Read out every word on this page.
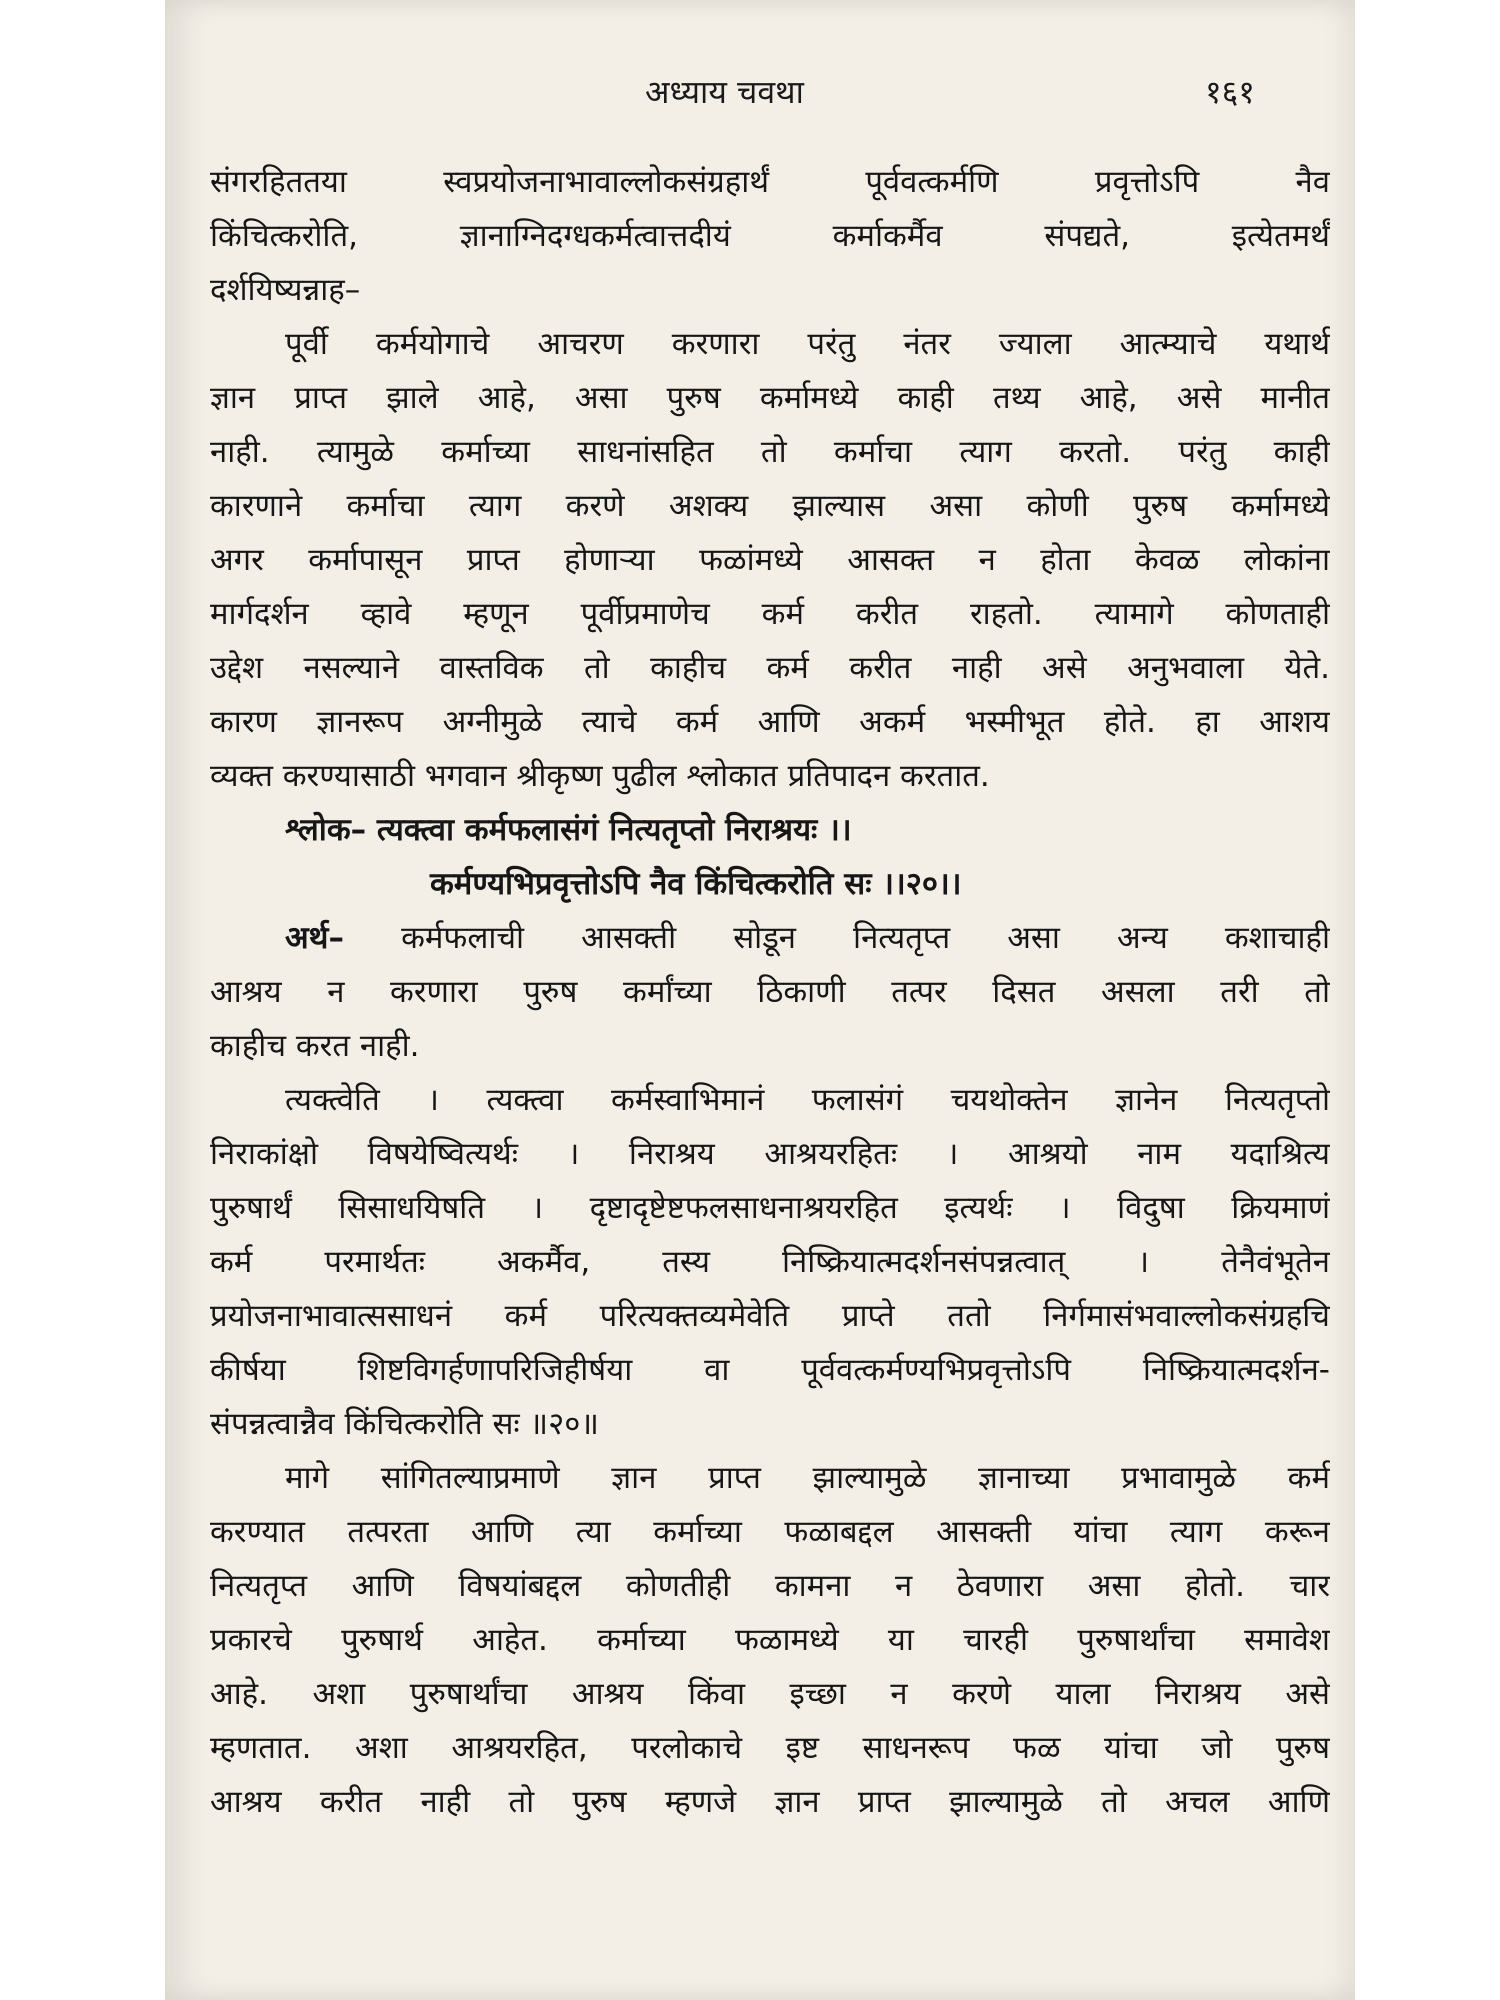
अध्याय चवथा	१६१
संगरहिततया स्वप्रयोजनाभावाल्लोकसंग्रहार्थं पूर्ववत्कर्मणि प्रवृत्तोऽपि नैव
किंचित्करोति, ज्ञानाग्निदग्धकर्मत्वात्तदीयं कर्माकर्मैव संपद्यते, इत्येतमर्थं
दर्शयिष्यन्नाह–
पूर्वी कर्मयोगाचे आचरण करणारा परंतु नंतर ज्याला आत्म्याचे यथार्थ
ज्ञान प्राप्त झाले आहे, असा पुरुष कर्मामध्ये काही तथ्य आहे, असे मानीत
नाही. त्यामुळे कर्माच्या साधनांसहित तो कर्माचा त्याग करतो. परंतु काही
कारणाने कर्माचा त्याग करणे अशक्य झाल्यास असा कोणी पुरुष कर्मामध्ये
अगर कर्मापासून प्राप्त होणाऱ्या फळांमध्ये आसक्त न होता केवळ लोकांना
मार्गदर्शन व्हावे म्हणून पूर्वीप्रमाणेच कर्म करीत राहतो. त्यामागे कोणताही
उद्देश नसल्याने वास्तविक तो काहीच कर्म करीत नाही असे अनुभवाला येते.
कारण ज्ञानरूप अग्नीमुळे त्याचे कर्म आणि अकर्म भस्मीभूत होते. हा आशय
व्यक्त करण्यासाठी भगवान श्रीकृष्ण पुढील श्लोकात प्रतिपादन करतात.
श्लोक– त्यक्त्वा कर्मफलासंगं नित्यतृप्तो निराश्रयः ।।
कर्मण्यभिप्रवृत्तोऽपि नैव किंचित्करोति सः ।।२०।।
अर्थ– कर्मफलाची आसक्ती सोडून नित्यतृप्त असा अन्य कशाचाही
आश्रय न करणारा पुरुष कर्मांच्या ठिकाणी तत्पर दिसत असला तरी तो
काहीच करत नाही.
त्यक्त्वेति । त्यक्त्वा कर्मस्वाभिमानं फलासंगं चयथोक्तेन ज्ञानेन नित्यतृप्तो
निराकांक्षो विषयेष्वित्यर्थः । निराश्रय आश्रयरहितः । आश्रयो नाम यदाश्रित्य
पुरुषार्थं सिसाधयिषति । दृष्टादृष्टेष्टफलसाधनाश्रयरहित इत्यर्थः । विदुषा क्रियमाणं
कर्म परमार्थतः अकर्मैव, तस्य निष्क्रियात्मदर्शनसंपन्नत्वात् । तेनैवंभूतेन
प्रयोजनाभावात्ससाधनं कर्म परित्यक्तव्यमेवेति प्राप्ते ततो निर्गमासंभवाल्लोकसंग्रहचि
कीर्षया शिष्टविगर्हणापरिजिहीर्षया वा पूर्ववत्कर्मण्यभिप्रवृत्तोऽपि निष्क्रियात्मदर्शन-
संपन्नत्वान्नैव किंचित्करोति सः ॥२०॥
मागे सांगितल्याप्रमाणे ज्ञान प्राप्त झाल्यामुळे ज्ञानाच्या प्रभावामुळे कर्म
करण्यात तत्परता आणि त्या कर्माच्या फळाबद्दल आसक्ती यांचा त्याग करून
नित्यतृप्त आणि विषयांबद्दल कोणतीही कामना न ठेवणारा असा होतो. चार
प्रकारचे पुरुषार्थ आहेत. कर्माच्या फळामध्ये या चारही पुरुषार्थांचा समावेश
आहे. अशा पुरुषार्थांचा आश्रय किंवा इच्छा न करणे याला निराश्रय असे
म्हणतात. अशा आश्रयरहित, परलोकाचे इष्ट साधनरूप फळ यांचा जो पुरुष
आश्रय करीत नाही तो पुरुष म्हणजे ज्ञान प्राप्त झाल्यामुळे तो अचल आणि
